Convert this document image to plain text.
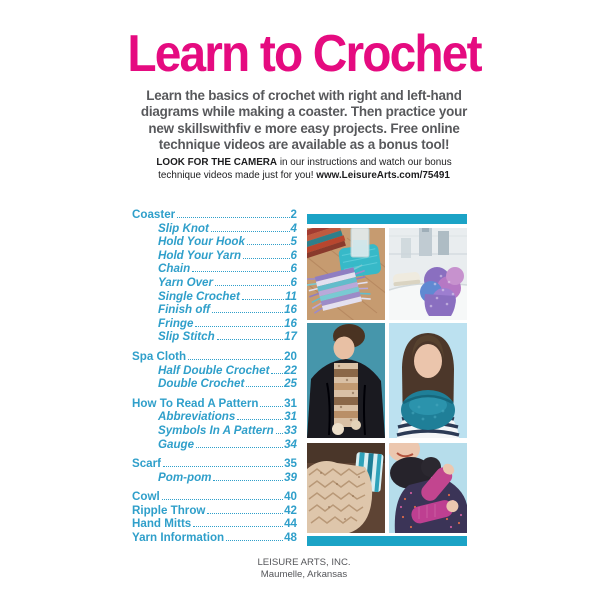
Learn to Crochet
Learn the basics of crochet with right and left-hand
diagrams while making a coaster. Then practice your
new skillswithfiv e more easy projects. Free online
technique videos are available as a bonus tool!
LOOK FOR THE CAMERA in our instructions and watch our bonus
technique videos made just for you! www.LeisureArts.com/75491
Coaster	2
Slip Knot	4
Hold Your Hook	5
Hold Your Yarn	6
Chain	6
Yarn Over	6
Single Crochet	11
Finish off	16
Fringe	16
Slip Stitch	17
Spa Cloth	20
Half Double Crochet 22
Double Crochet	25
How To Read A Pattern 31
Abbreviations	31
Symbols In A Pattern 33
Gauge	34
Scarf	35
Pom-pom	39
Cowl	40
Ripple Throw	42
Hand Mitts	44
Yarn Information	48
LEISURE ARTS, INC.
Maumelle, Arkansas
